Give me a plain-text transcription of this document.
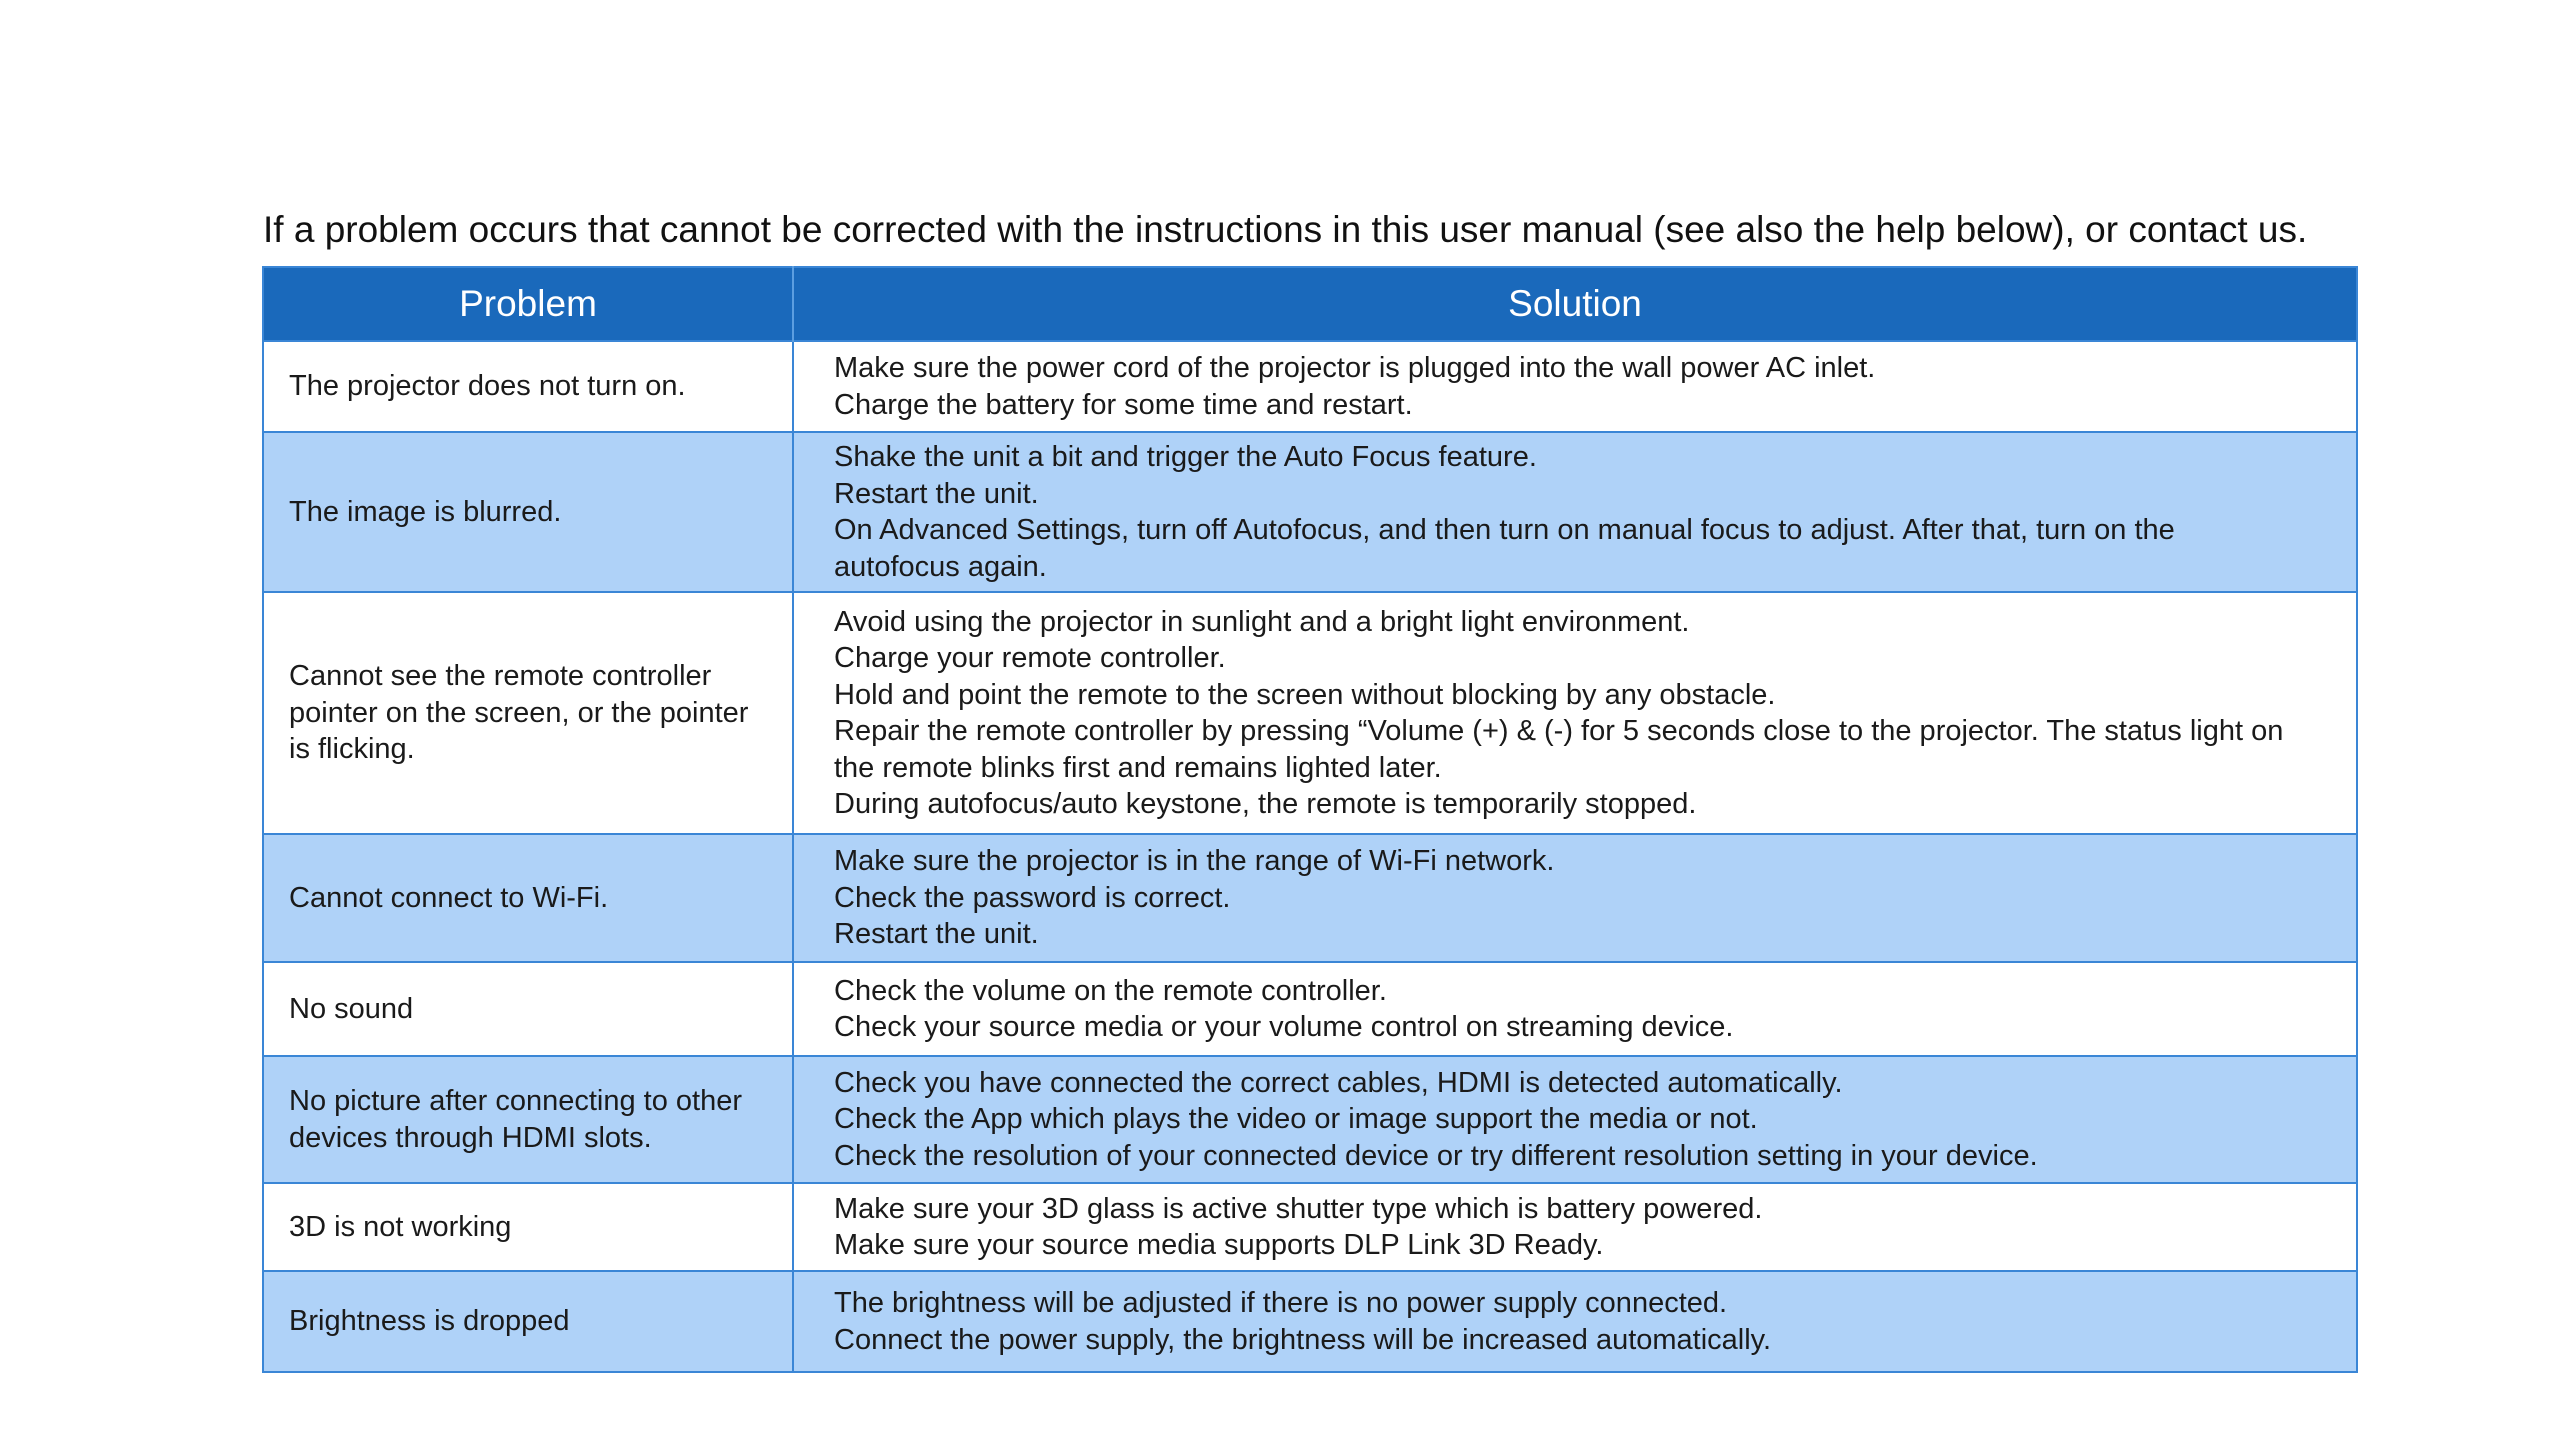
If a problem occurs that cannot be corrected with the instructions in this user manual (see also the help below), or contact us.
Problem	Solution
The projector does not turn on.	Make sure the power cord of the projector is plugged into the wall power AC inlet.
Charge the battery for some time and restart.

The image is blurred.	Shake the unit a bit and trigger the Auto Focus feature.
Restart the unit.
On Advanced Settings, turn off Autofocus, and then turn on manual focus to adjust. After that, turn on the autofocus again.

Cannot see the remote controller pointer on the screen, or the pointer is flicking.	Avoid using the projector in sunlight and a bright light environment.
Charge your remote controller.
Hold and point the remote to the screen without blocking by any obstacle.
Repair the remote controller by pressing “Volume (+) & (-) for 5 seconds close to the projector. The status light on the remote blinks first and remains lighted later.
During autofocus/auto keystone, the remote is temporarily stopped.

Cannot connect to Wi-Fi.	Make sure the projector is in the range of Wi-Fi network.
Check the password is correct.
Restart the unit.

No sound	Check the volume on the remote controller.
Check your source media or your volume control on streaming device.

No picture after connecting to other devices through HDMI slots.	Check you have connected the correct cables, HDMI is detected automatically.
Check the App which plays the video or image support the media or not.
Check the resolution of your connected device or try different resolution setting in your device.

3D is not working	Make sure your 3D glass is active shutter type which is battery powered.
Make sure your source media supports DLP Link 3D Ready.

Brightness is dropped	The brightness will be adjusted if there is no power supply connected.
Connect the power supply, the brightness will be increased automatically.
